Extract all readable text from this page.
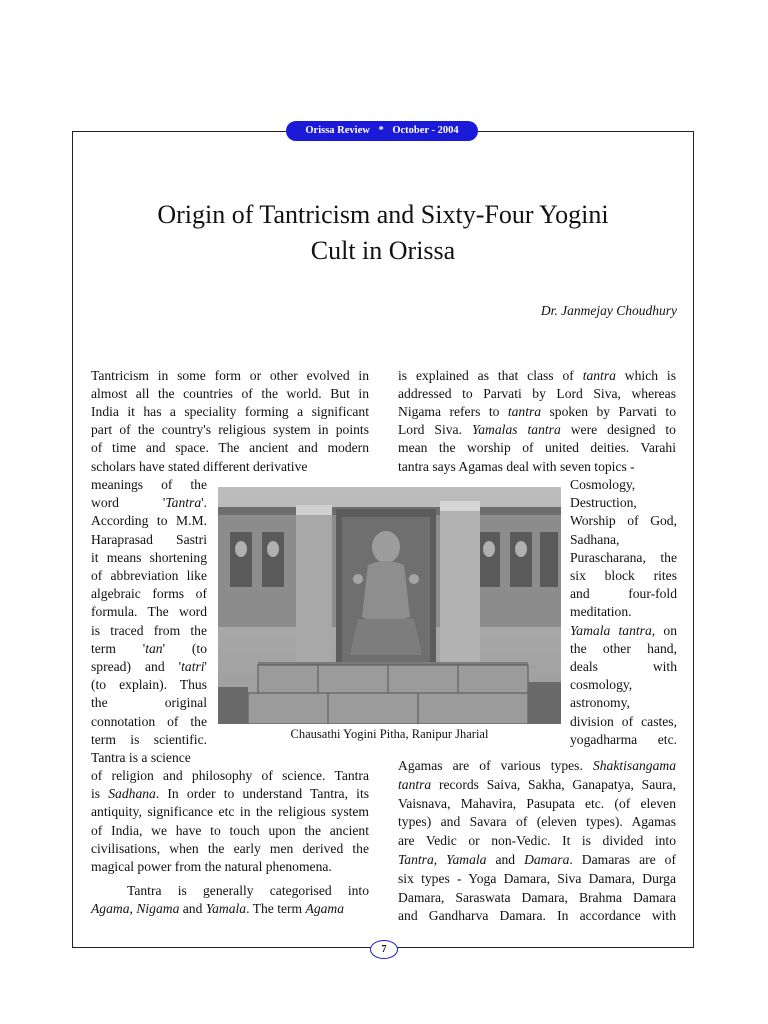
Orissa Review * October - 2004
Origin of Tantricism and Sixty-Four Yogini
Cult in Orissa
Dr. Janmejay Choudhury
Tantricism in some form or other evolved in
almost all the countries of the world. But in
India it has a speciality forming a significant
part of the country's religious system in points
of time and space. The ancient and modern
scholars have stated different derivative
is explained as that class of tantra which is
addressed to Parvati by Lord Siva, whereas
Nigama refers to tantra spoken by Parvati to
Lord Siva. Yamalas tantra were designed to
mean the worship of united deities. Varahi
tantra says Agamas deal with seven topics -
meanings of the
word 'Tantra'.
According to M.M.
Haraprasad Sastri
it means shortening
of abbreviation like
algebraic forms of
formula. The word
is traced from the
term 'tan' (to
spread) and 'tatri'
(to explain). Thus
the original
connotation of the
term is scientific.
Tantra is a science
Cosmology,
Destruction,
Worship of God,
Sadhana,
Purascharana, the
six block rites
and four-fold
meditation.
Yamala tantra, on
the other hand,
deals with
cosmology,
astronomy,
division of castes,
yogadharma etc.
of religion and philosophy of science. Tantra
is Sadhana. In order to understand Tantra, its
antiquity, significance etc in the religious system
of India, we have to touch upon the ancient
civilisations, when the early men derived the
magical power from the natural phenomena.
Tantra is generally categorised into
Agama, Nigama and Yamala. The term Agama
Agamas are of various types. Shaktisangama
tantra records Saiva, Sakha, Ganapatya, Saura,
Vaisnava, Mahavira, Pasupata etc. (of eleven
types) and Savara of (eleven types). Agamas
are Vedic or non-Vedic. It is divided into
Tantra, Yamala and Damara. Damaras are of
six types - Yoga Damara, Siva Damara, Durga
Damara, Saraswata Damara, Brahma Damara
and Gandharva Damara. In accordance with
Chausathi Yogini Pitha, Ranipur Jharial
7
